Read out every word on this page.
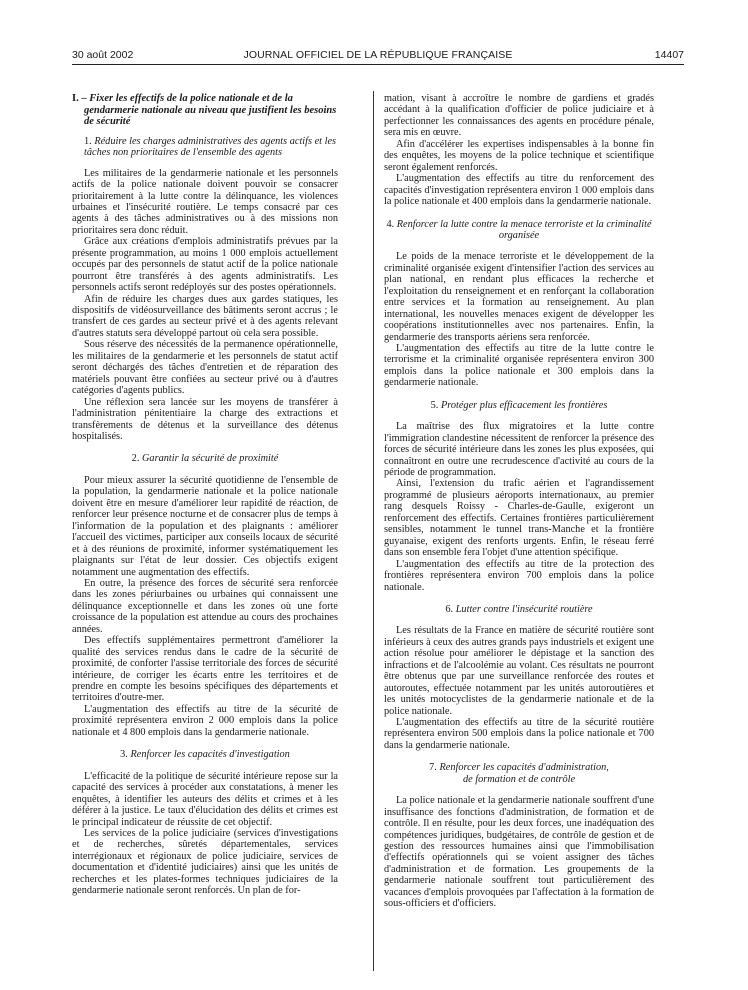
30 août 2002	JOURNAL OFFICIEL DE LA RÉPUBLIQUE FRANÇAISE	14407

I. – Fixer les effectifs de la police nationale et de la gendarmerie nationale au niveau que justifient les besoins de sécurité

1. Réduire les charges administratives des agents actifs et les tâches non prioritaires de l'ensemble des agents

Les militaires de la gendarmerie nationale et les personnels actifs de la police nationale doivent pouvoir se consacrer prioritairement à la lutte contre la délinquance, les violences urbaines et l'insécurité routière. Le temps consacré par ces agents à des tâches administratives ou à des missions non prioritaires sera donc réduit.

Grâce aux créations d'emplois administratifs prévues par la présente programmation, au moins 1 000 emplois actuellement occupés par des personnels de statut actif de la police nationale pourront être transférés à des agents administratifs. Les personnels actifs seront redéployés sur des postes opérationnels.

Afin de réduire les charges dues aux gardes statiques, les dispositifs de vidéosurveillance des bâtiments seront accrus ; le transfert de ces gardes au secteur privé et à des agents relevant d'autres statuts sera développé partout où cela sera possible.

Sous réserve des nécessités de la permanence opérationnelle, les militaires de la gendarmerie et les personnels de statut actif seront déchargés des tâches d'entretien et de réparation des matériels pouvant être confiées au secteur privé ou à d'autres catégories d'agents publics.

Une réflexion sera lancée sur les moyens de transférer à l'administration pénitentiaire la charge des extractions et transfèrements de détenus et la surveillance des détenus hospitalisés.

2. Garantir la sécurité de proximité

Pour mieux assurer la sécurité quotidienne de l'ensemble de la population, la gendarmerie nationale et la police nationale doivent être en mesure d'améliorer leur rapidité de réaction, de renforcer leur présence nocturne et de consacrer plus de temps à l'information de la population et des plaignants : améliorer l'accueil des victimes, participer aux conseils locaux de sécurité et à des réunions de proximité, informer systématiquement les plaignants sur l'état de leur dossier. Ces objectifs exigent notamment une augmentation des effectifs.

En outre, la présence des forces de sécurité sera renforcée dans les zones périurbaines ou urbaines qui connaissent une délinquance exceptionnelle et dans les zones où une forte croissance de la population est attendue au cours des prochaines années.

Des effectifs supplémentaires permettront d'améliorer la qualité des services rendus dans le cadre de la sécurité de proximité, de conforter l'assise territoriale des forces de sécurité intérieure, de corriger les écarts entre les territoires et de prendre en compte les besoins spécifiques des départements et territoires d'outre-mer.

L'augmentation des effectifs au titre de la sécurité de proximité représentera environ 2 000 emplois dans la police nationale et 4 800 emplois dans la gendarmerie nationale.

3. Renforcer les capacités d'investigation

L'efficacité de la politique de sécurité intérieure repose sur la capacité des services à procéder aux constatations, à mener les enquêtes, à identifier les auteurs des délits et crimes et à les déférer à la justice. Le taux d'élucidation des délits et crimes est le principal indicateur de réussite de cet objectif.

Les services de la police judiciaire (services d'investigations et de recherches, sûretés départementales, services interrégionaux et régionaux de police judiciaire, services de documentation et d'identité judiciaires) ainsi que les unités de recherches et les plates-formes techniques judiciaires de la gendarmerie nationale seront renforcés. Un plan de for-

mation, visant à accroître le nombre de gardiens et gradés accédant à la qualification d'officier de police judiciaire et à perfectionner les connaissances des agents en procédure pénale, sera mis en œuvre.

Afin d'accélérer les expertises indispensables à la bonne fin des enquêtes, les moyens de la police technique et scientifique seront également renforcés.

L'augmentation des effectifs au titre du renforcement des capacités d'investigation représentera environ 1 000 emplois dans la police nationale et 400 emplois dans la gendarmerie nationale.

4. Renforcer la lutte contre la menace terroriste et la criminalité organisée

Le poids de la menace terroriste et le développement de la criminalité organisée exigent d'intensifier l'action des services au plan national, en rendant plus efficaces la recherche et l'exploitation du renseignement et en renforçant la collaboration entre services et la formation au renseignement. Au plan international, les nouvelles menaces exigent de développer les coopérations institutionnelles avec nos partenaires. Enfin, la gendarmerie des transports aériens sera renforcée.

L'augmentation des effectifs au titre de la lutte contre le terrorisme et la criminalité organisée représentera environ 300 emplois dans la police nationale et 300 emplois dans la gendarmerie nationale.

5. Protéger plus efficacement les frontières

La maîtrise des flux migratoires et la lutte contre l'immigration clandestine nécessitent de renforcer la présence des forces de sécurité intérieure dans les zones les plus exposées, qui connaîtront en outre une recrudescence d'activité au cours de la période de programmation.

Ainsi, l'extension du trafic aérien et l'agrandissement programmé de plusieurs aéroports internationaux, au premier rang desquels Roissy - Charles-de-Gaulle, exigeront un renforcement des effectifs. Certaines frontières particulièrement sensibles, notamment le tunnel trans-Manche et la frontière guyanaise, exigent des renforts urgents. Enfin, le réseau ferré dans son ensemble fera l'objet d'une attention spécifique.

L'augmentation des effectifs au titre de la protection des frontières représentera environ 700 emplois dans la police nationale.

6. Lutter contre l'insécurité routière

Les résultats de la France en matière de sécurité routière sont inférieurs à ceux des autres grands pays industriels et exigent une action résolue pour améliorer le dépistage et la sanction des infractions et de l'alcoolémie au volant. Ces résultats ne pourront être obtenus que par une surveillance renforcée des routes et autoroutes, effectuée notamment par les unités autoroutières et les unités motocyclistes de la gendarmerie nationale et de la police nationale.

L'augmentation des effectifs au titre de la sécurité routière représentera environ 500 emplois dans la police nationale et 700 dans la gendarmerie nationale.

7. Renforcer les capacités d'administration,
de formation et de contrôle

La police nationale et la gendarmerie nationale souffrent d'une insuffisance des fonctions d'administration, de formation et de contrôle. Il en résulte, pour les deux forces, une inadéquation des compétences juridiques, budgétaires, de contrôle de gestion et de gestion des ressources humaines ainsi que l'immobilisation d'effectifs opérationnels qui se voient assigner des tâches d'administration et de formation. Les groupements de la gendarmerie nationale souffrent tout particulièrement des vacances d'emplois provoquées par l'affectation à la formation de sous-officiers et d'officiers.
